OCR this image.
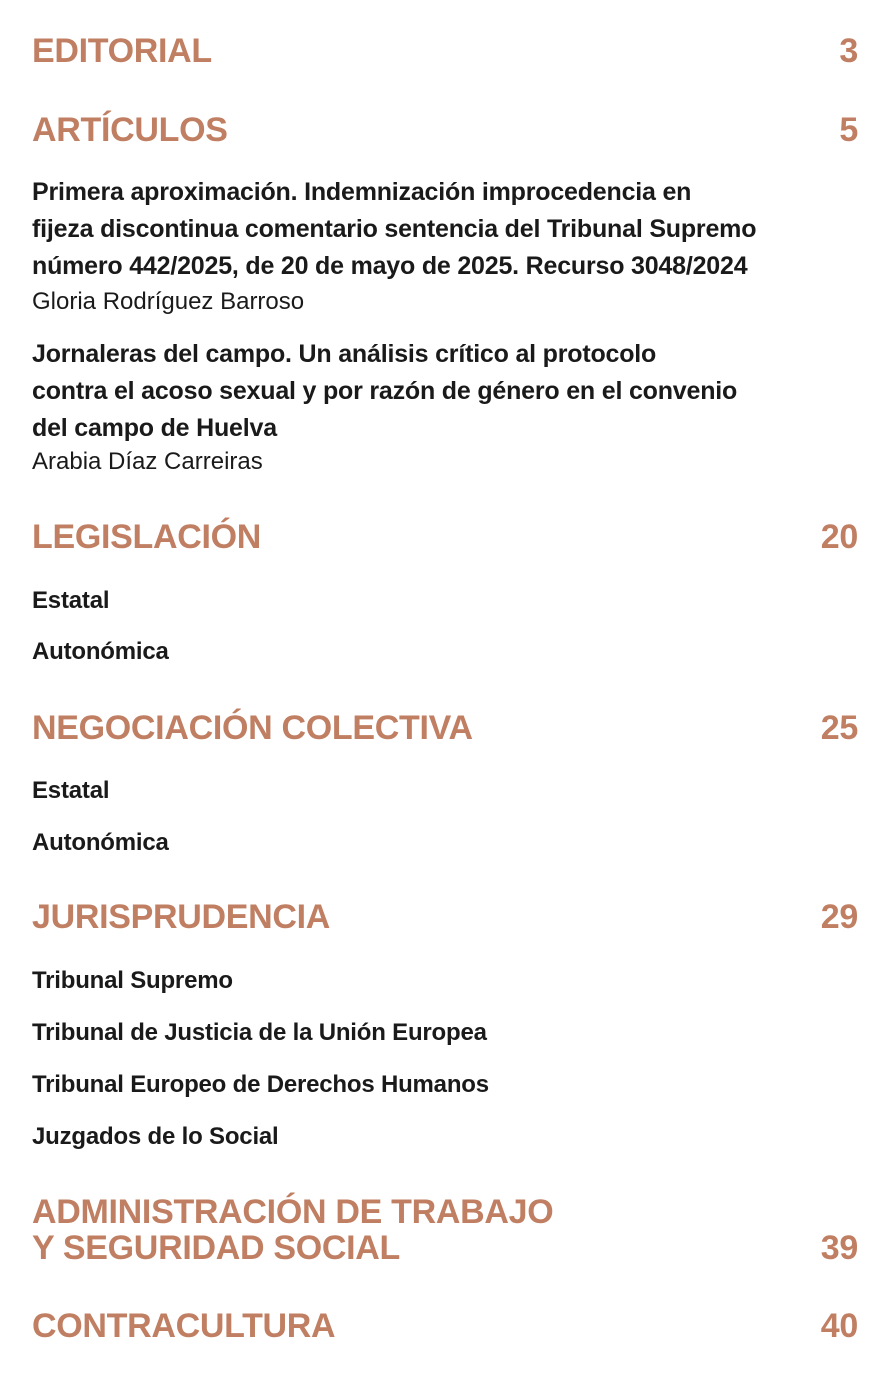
EDITORIAL	3
ARTÍCULOS	5
Primera aproximación. Indemnización improcedencia en
fijeza discontinua comentario sentencia del Tribunal Supremo
número 442/2025, de 20 de mayo de 2025. Recurso 3048/2024
Gloria Rodríguez Barroso
Jornaleras del campo. Un análisis crítico al protocolo
contra el acoso sexual y por razón de género en el convenio
del campo de Huelva
Arabia Díaz Carreiras
LEGISLACIÓN	20
Estatal
Autonómica
NEGOCIACIÓN COLECTIVA	25
Estatal
Autonómica
JURISPRUDENCIA	29
Tribunal Supremo
Tribunal de Justicia de la Unión Europea
Tribunal Europeo de Derechos Humanos
Juzgados de lo Social
ADMINISTRACIÓN DE TRABAJO
Y SEGURIDAD SOCIAL	39
CONTRACULTURA	40
